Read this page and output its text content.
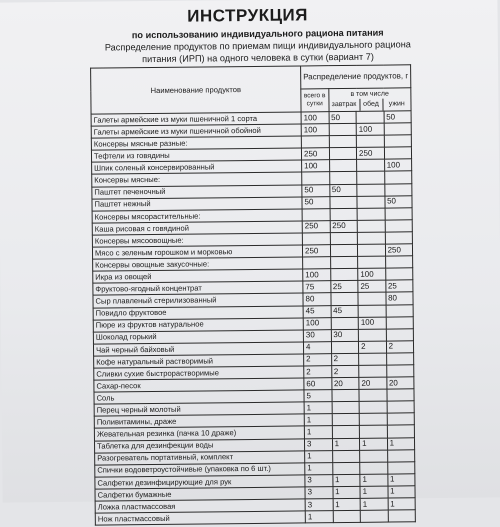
ИНСТРУКЦИЯ
по использованию индивидуального рациона питания
Распределение продуктов по приемам пищи индивидуального рациона
питания (ИРП) на одного человека в сутки (вариант 7)
Наименование продуктов	Распределение продуктов, г			
	всего в сутки	в том числе
завтрак обед ужин		

Галеты армейские из муки пшеничной 1 сорта	100	50		50
Галеты армейские из муки пшеничной обойной	100		100	
Консервы мясные разные:				
Тефтели из говядины	250		250	
Шпик соленый консервированный	100			100
Консервы мясные:				
Паштет печеночный	50	50		
Паштет нежный	50			50
Консервы мясорастительные:				
Каша рисовая с говядиной	250	250		
Консервы мясоовощные:				
Мясо с зеленым горошком и морковью	250			250
Консервы овощные закусочные:				
Икра из овощей	100		100	
Фруктово-ягодный концентрат	75	25	25	25
Сыр плавленый стерилизованный	80			80
Повидло фруктовое	45	45		
Пюре из фруктов натуральное	100		100	
Шоколад горький	30	30		
Чай черный байховый	4		2	2
Кофе натуральный растворимый	2	2		
Сливки сухие быстрорастворимые	2	2		
Сахар-песок	60	20	20	20
Соль	5			
Перец черный молотый	1			
Поливитамины, драже	1			
Жевательная резинка (пачка 10 драже)	1			
Таблетка для дезинфекции воды	3	1	1	1
Разогреватель портативный, комплект	1			
Спички водоветроустойчивые (упаковка по 6 шт.)	1			
Салфетки дезинфицирующие для рук	3	1	1	1
Салфетки бумажные	3	1	1	1
Ложка пластмассовая	3	1	1	1
Нож пластмассовый	1			
